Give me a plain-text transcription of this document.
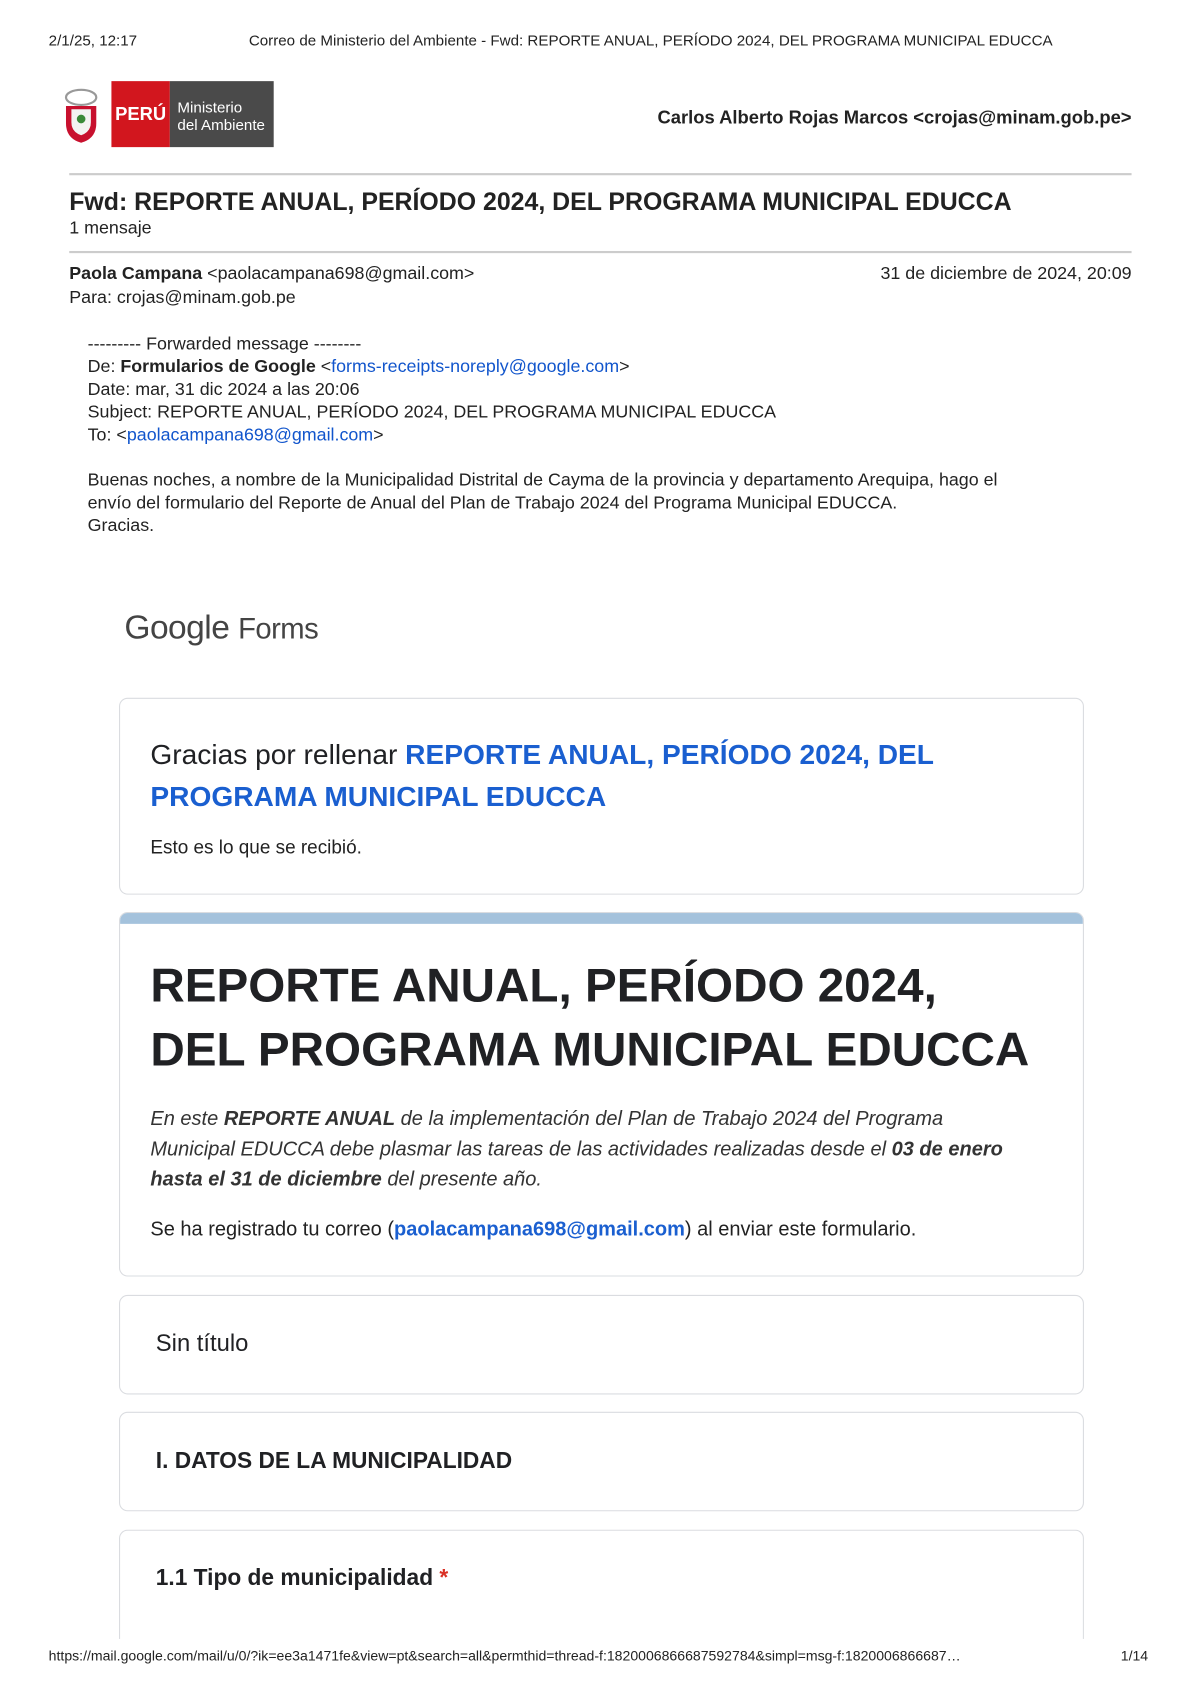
2/1/25, 12:17	Correo de Ministerio del Ambiente - Fwd: REPORTE ANUAL, PERÍODO 2024, DEL PROGRAMA MUNICIPAL EDUCCA
PERÚ Ministerio
del Ambiente	Carlos Alberto Rojas Marcos <crojas@minam.gob.pe>
Fwd: REPORTE ANUAL, PERÍODO 2024, DEL PROGRAMA MUNICIPAL EDUCCA
1 mensaje
Paola Campana <paolacampana698@gmail.com>	31 de diciembre de 2024, 20:09
Para: crojas@minam.gob.pe
--------- Forwarded message --------
De: Formularios de Google <forms-receipts-noreply@google.com>
Date: mar, 31 dic 2024 a las 20:06
Subject: REPORTE ANUAL, PERÍODO 2024, DEL PROGRAMA MUNICIPAL EDUCCA
To: <paolacampana698@gmail.com>
Buenas noches, a nombre de la Municipalidad Distrital de Cayma de la provincia y departamento Arequipa, hago el
envío del formulario del Reporte de Anual del Plan de Trabajo 2024 del Programa Municipal EDUCCA.
Gracias.
Google Forms
Gracias por rellenar REPORTE ANUAL, PERÍODO 2024, DEL
PROGRAMA MUNICIPAL EDUCCA
Esto es lo que se recibió.
REPORTE ANUAL, PERÍODO 2024,
DEL PROGRAMA MUNICIPAL EDUCCA
En este REPORTE ANUAL de la implementación del Plan de Trabajo 2024 del Programa
Municipal EDUCCA debe plasmar las tareas de las actividades realizadas desde el 03 de enero
hasta el 31 de diciembre del presente año.
Se ha registrado tu correo (paolacampana698@gmail.com) al enviar este formulario.
Sin título
I. DATOS DE LA MUNICIPALIDAD
1.1 Tipo de municipalidad *
https://mail.google.com/mail/u/0/?ik=ee3a1471fe&view=pt&search=all&permthid=thread-f:1820006866687592784&simpl=msg-f:1820006866687…	1/14
